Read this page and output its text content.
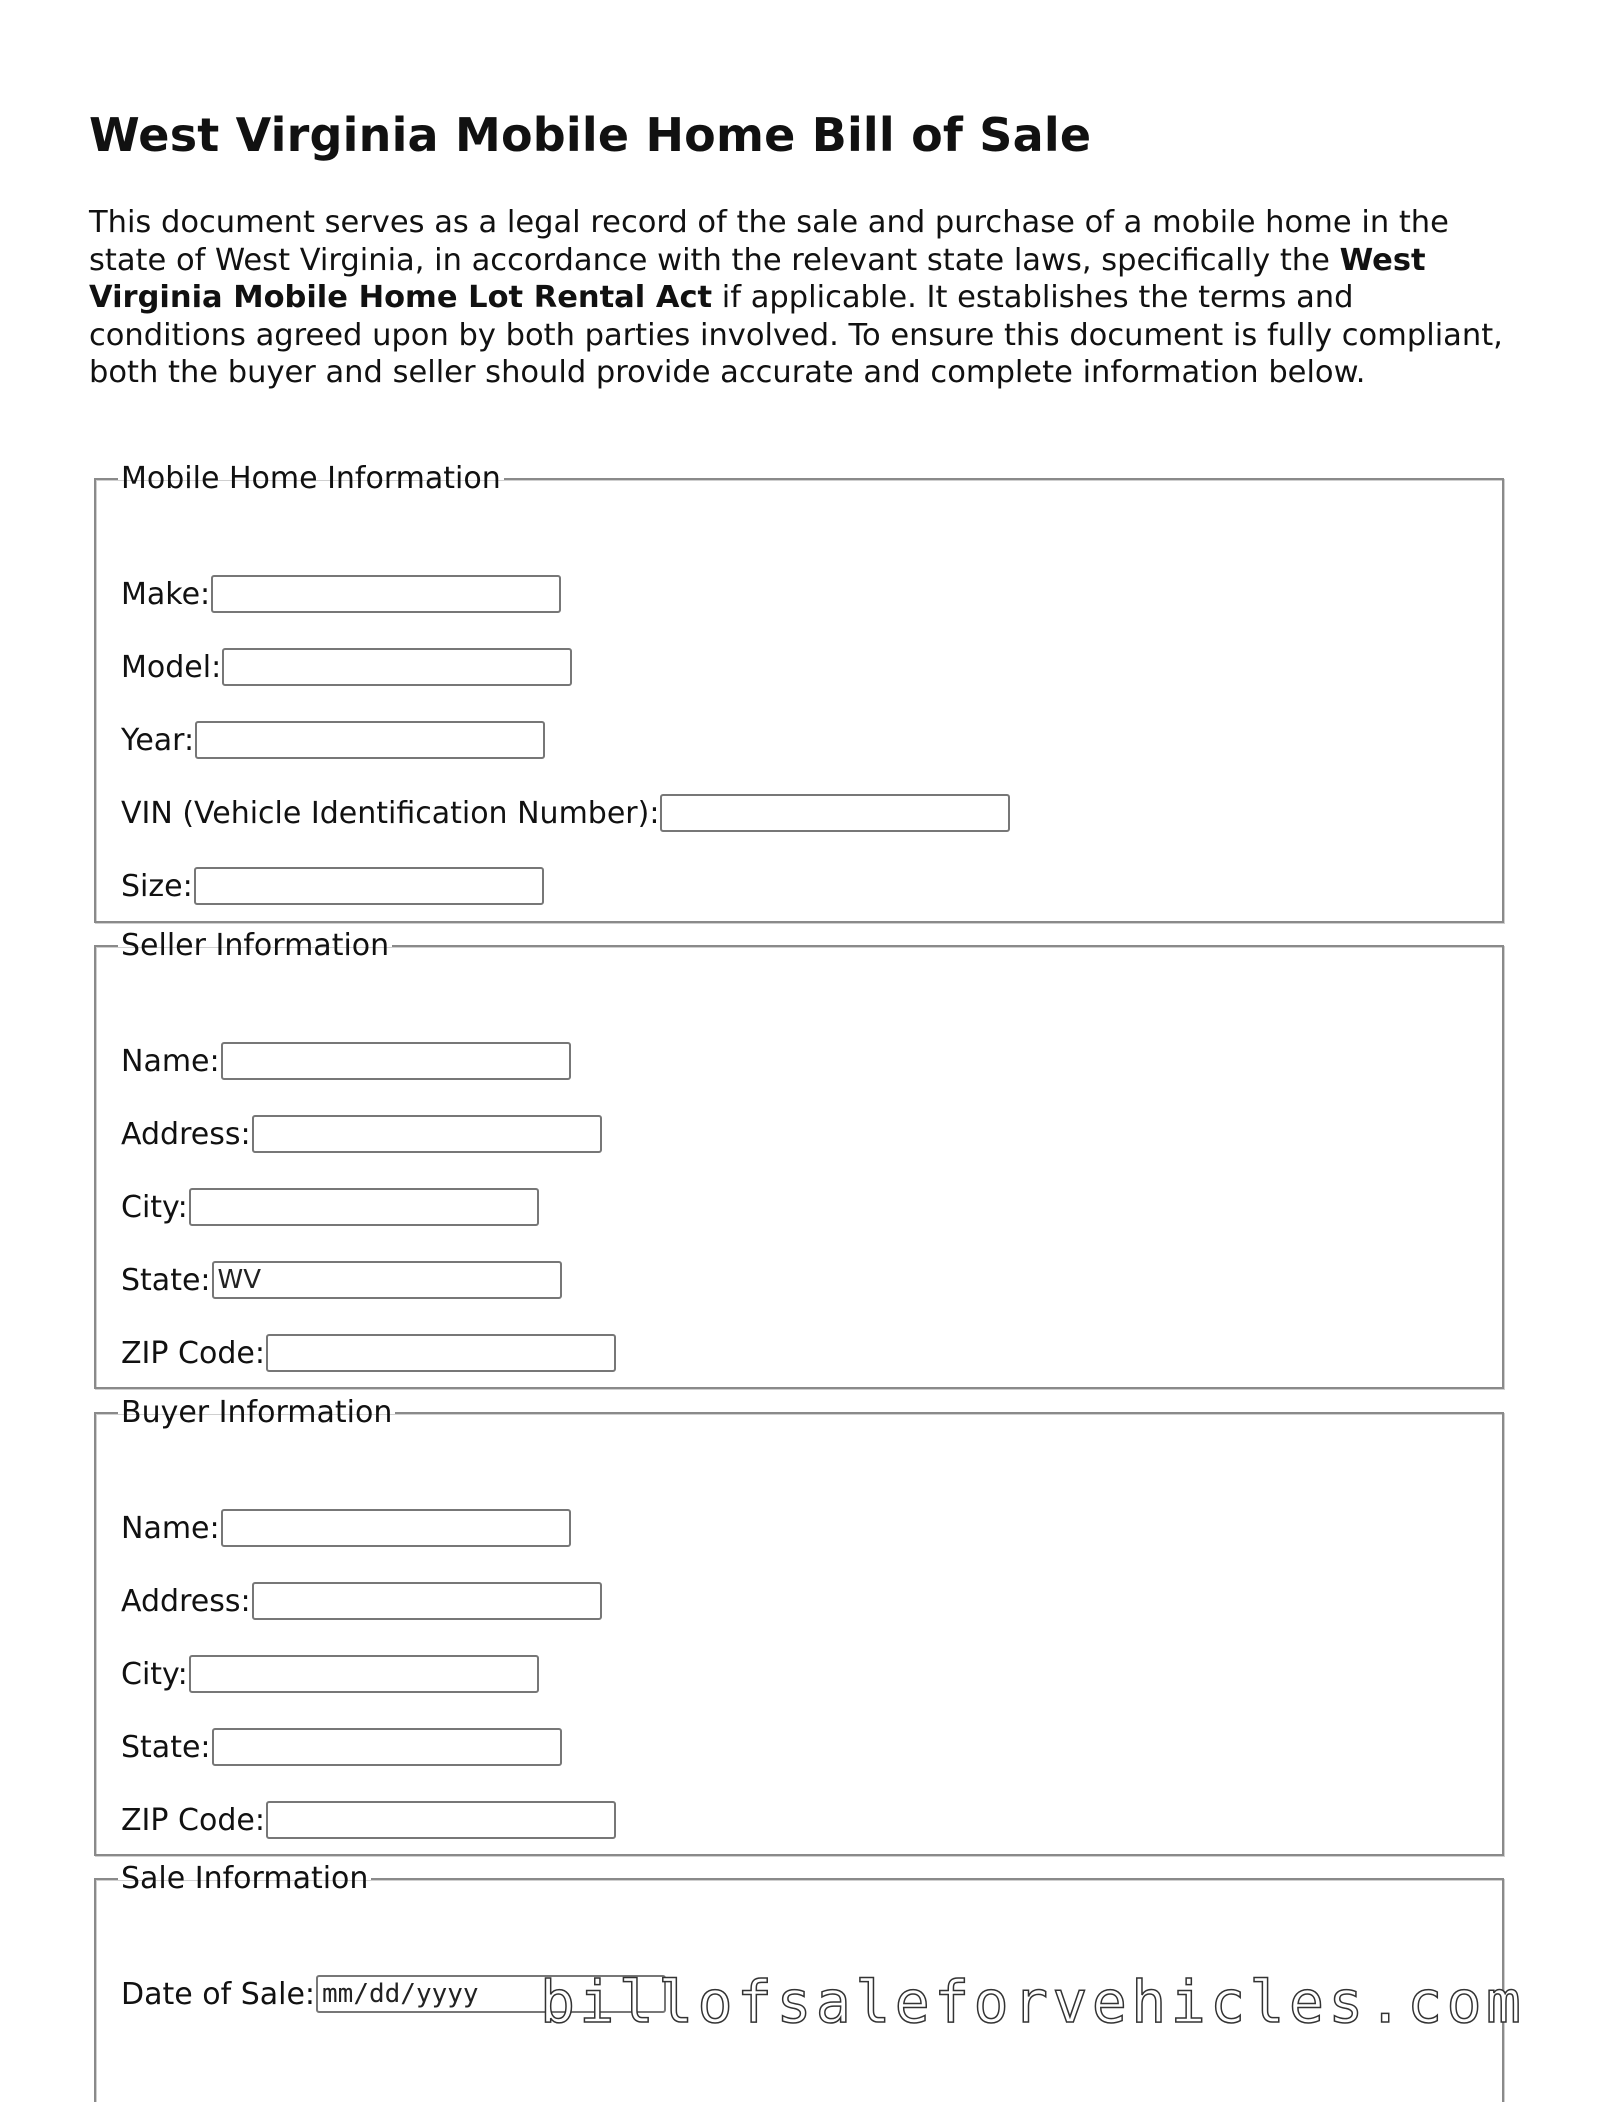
West Virginia Mobile Home Bill of Sale

This document serves as a legal record of the sale and purchase of a mobile home in the state of West Virginia, in accordance with the relevant state laws, specifically the West Virginia Mobile Home Lot Rental Act if applicable. It establishes the terms and conditions agreed upon by both parties involved. To ensure this document is fully compliant, both the buyer and seller should provide accurate and complete information below.

Mobile Home Information
Make:
Model:
Year:
VIN (Vehicle Identification Number):
Size:
Seller Information
Name:
Address:
City:
State: WV
ZIP Code:
Buyer Information
Name:
Address:
City:
State:
ZIP Code:
Sale Information
Date of Sale: mm/dd/yyyy	billofsaleforvehicles.com
